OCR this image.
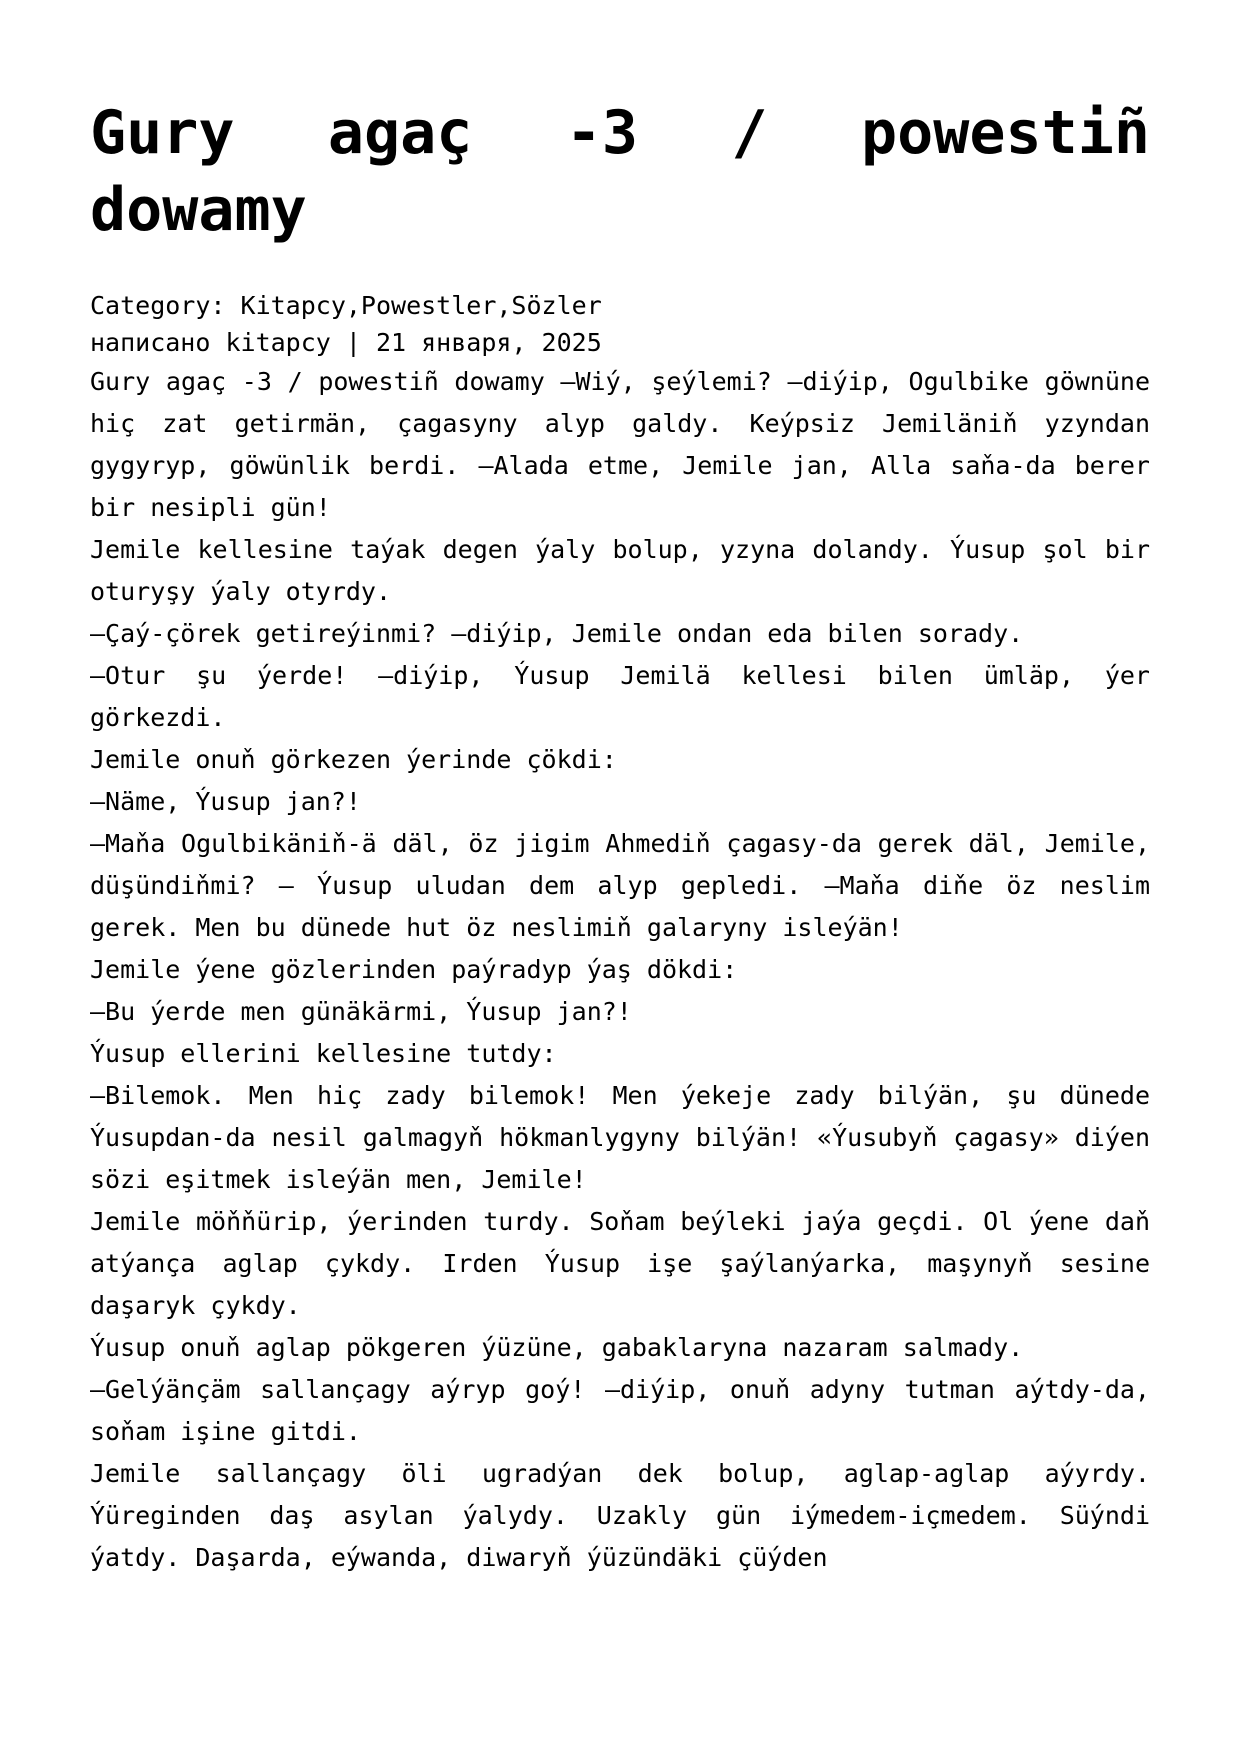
Gury agaç -3 / powestiñ dowamy
Category: Kitapcy,Powestler,Sözler
написано kitapcy | 21 января, 2025

Gury agaç -3 / powestiñ dowamy —Wiý, şeýlemi? —diýip, Ogulbike göwnüne hiç zat getirmän, çagasyny alyp galdy. Keýpsiz Jemiläniň yzyndan gygyryp, göwünlik berdi. —Alada etme, Jemile jan, Alla saňa-da berer bir nesipli gün!

Jemile kellesine taýak degen ýaly bolup, yzyna dolandy. Ýusup şol bir oturyşy ýaly otyrdy.

—Çaý-çörek getireýinmi? —diýip, Jemile ondan eda bilen sorady.

—Otur şu ýerde! —diýip, Ýusup Jemilä kellesi bilen ümläp, ýer görkezdi.

Jemile onuň görkezen ýerinde çökdi:

—Näme, Ýusup jan?!

—Maňa Ogulbikäniň-ä däl, öz jigim Ahmediň çagasy-da gerek däl, Jemile, düşündiňmi? — Ýusup uludan dem alyp gepledi. —Maňa diňe öz neslim gerek. Men bu dünede hut öz neslimiň galaryny isleýän!

Jemile ýene gözlerinden paýradyp ýaş dökdi:

—Bu ýerde men günäkärmi, Ýusup jan?!

Ýusup ellerini kellesine tutdy:

—Bilemok. Men hiç zady bilemok! Men ýekeje zady bilýän, şu dünede Ýusupdan-da nesil galmagyň hökmanlygyny bilýän! «Ýusubyň çagasy» diýen sözi eşitmek isleýän men, Jemile!

Jemile möňňürip, ýerinden turdy. Soňam beýleki jaýa geçdi. Ol ýene daň atýança aglap çykdy. Irden Ýusup işe şaýlanýarka, maşynyň sesine daşaryk çykdy.

Ýusup onuň aglap pökgeren ýüzüne, gabaklaryna nazaram salmady.

—Gelýänçäm sallançagy aýryp goý! —diýip, onuň adyny tutman aýtdy-da, soňam işine gitdi.

Jemile sallançagy öli ugradýan dek bolup, aglap-aglap aýyrdy. Ýüreginden daş asylan ýalydy. Uzakly gün iýmedem-içmedem. Süýndi ýatdy. Daşarda, eýwanda, diwaryň ýüzündäki çüýden
